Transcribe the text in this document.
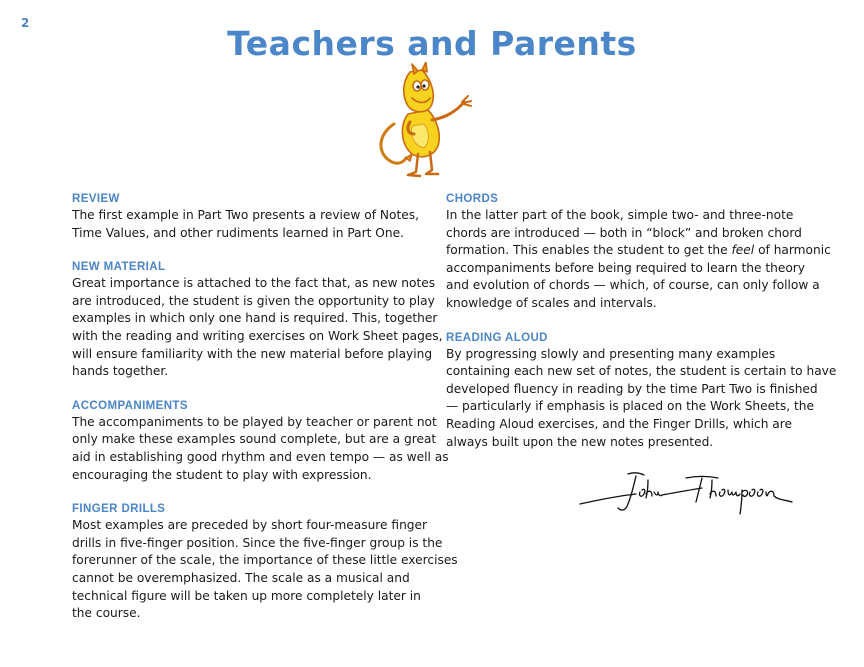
2
Teachers and Parents

REVIEW

The first example in Part Two presents a review of Notes,
Time Values, and other rudiments learned in Part One.

NEW MATERIAL

Great importance is attached to the fact that, as new notes
are introduced, the student is given the opportunity to play
examples in which only one hand is required. This, together
with the reading and writing exercises on Work Sheet pages,
will ensure familiarity with the new material before playing
hands together.

ACCOMPANIMENTS

The accompaniments to be played by teacher or parent not
only make these examples sound complete, but are a great
aid in establishing good rhythm and even tempo — as well as
encouraging the student to play with expression.

FINGER DRILLS

Most examples are preceded by short four-measure finger
drills in five-finger position. Since the five-finger group is the
forerunner of the scale, the importance of these little exercises
cannot be overemphasized. The scale as a musical and
technical figure will be taken up more completely later in
the course.

CHORDS

In the latter part of the book, simple two- and three-note
chords are introduced — both in “block” and broken chord
formation. This enables the student to get the feel of harmonic
accompaniments before being required to learn the theory
and evolution of chords — which, of course, can only follow a
knowledge of scales and intervals.

READING ALOUD

By progressing slowly and presenting many examples
containing each new set of notes, the student is certain to have
developed fluency in reading by the time Part Two is finished
— particularly if emphasis is placed on the Work Sheets, the
Reading Aloud exercises, and the Finger Drills, which are
always built upon the new notes presented.
